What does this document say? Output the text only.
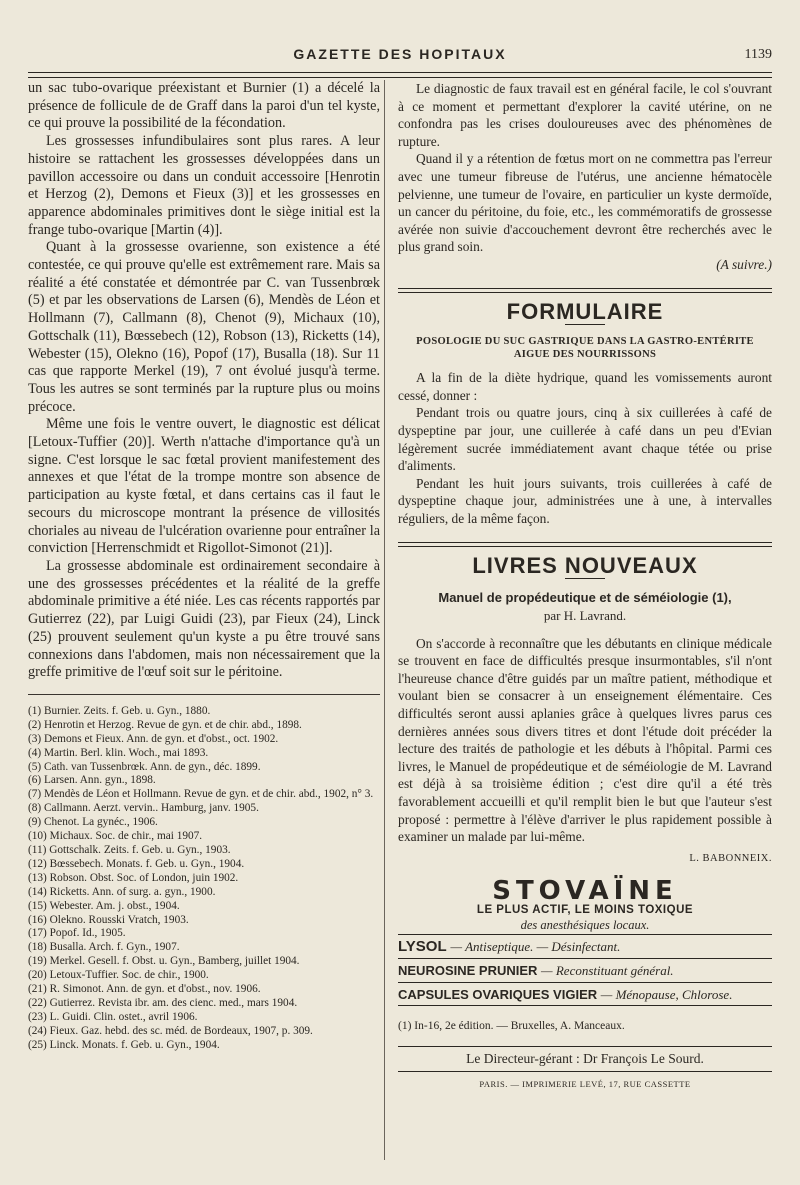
GAZETTE DES HOPITAUX	1139

un sac tubo-ovarique préexistant et Burnier (1) a décelé la présence de follicule de de Graff dans la paroi d'un tel kyste, ce qui prouve la possibilité de la fécondation.

Les grossesses infundibulaires sont plus rares. A leur histoire se rattachent les grossesses développées dans un pavillon accessoire ou dans un conduit accessoire [Henrotin et Herzog (2), Demons et Fieux (3)] et les grossesses en apparence abdominales primitives dont le siège initial est la frange tubo-ovarique [Martin (4)].

Quant à la grossesse ovarienne, son existence a été contestée, ce qui prouve qu'elle est extrêmement rare. Mais sa réalité a été constatée et démontrée par C. van Tussenbrœk (5) et par les observations de Larsen (6), Mendès de Léon et Hollmann (7), Callmann (8), Chenot (9), Michaux (10), Gottschalk (11), Bœssebech (12), Robson (13), Ricketts (14), Webester (15), Olekno (16), Popof (17), Busalla (18). Sur 11 cas que rapporte Merkel (19), 7 ont évolué jusqu'à terme. Tous les autres se sont terminés par la rupture plus ou moins précoce.

Même une fois le ventre ouvert, le diagnostic est délicat [Letoux-Tuffier (20)]. Werth n'attache d'importance qu'à un signe. C'est lorsque le sac fœtal provient manifestement des annexes et que l'état de la trompe montre son absence de participation au kyste fœtal, et dans certains cas il faut le secours du microscope montrant la présence de villosités choriales au niveau de l'ulcération ovarienne pour entraîner la conviction [Herrenschmidt et Rigollot-Simonot (21)].

La grossesse abdominale est ordinairement secondaire à une des grossesses précédentes et la réalité de la greffe abdominale primitive a été niée. Les cas récents rapportés par Gutierrez (22), par Luigi Guidi (23), par Fieux (24), Linck (25) prouvent seulement qu'un kyste a pu être trouvé sans connexions dans l'abdomen, mais non nécessairement que la greffe primitive de l'œuf soit sur le péritoine.

(1) Burnier. Zeits. f. Geb. u. Gyn., 1880.
(2) Henrotin et Herzog. Revue de gyn. et de chir. abd., 1898.
(3) Demons et Fieux. Ann. de gyn. et d'obst., oct. 1902.
(4) Martin. Berl. klin. Woch., mai 1893.
(5) Cath. van Tussenbrœk. Ann. de gyn., déc. 1899.
(6) Larsen. Ann. gyn., 1898.
(7) Mendès de Léon et Hollmann. Revue de gyn. et de chir. abd., 1902, n° 3.
(8) Callmann. Aerzt. vervin.. Hamburg, janv. 1905.
(9) Chenot. La gynéc., 1906.
(10) Michaux. Soc. de chir., mai 1907.
(11) Gottschalk. Zeits. f. Geb. u. Gyn., 1903.
(12) Bœssebech. Monats. f. Geb. u. Gyn., 1904.
(13) Robson. Obst. Soc. of London, juin 1902.
(14) Ricketts. Ann. of surg. a. gyn., 1900.
(15) Webester. Am. j. obst., 1904.
(16) Olekno. Rousski Vratch, 1903.
(17) Popof. Id., 1905.
(18) Busalla. Arch. f. Gyn., 1907.
(19) Merkel. Gesell. f. Obst. u. Gyn., Bamberg, juillet 1904.
(20) Letoux-Tuffier. Soc. de chir., 1900.
(21) R. Simonot. Ann. de gyn. et d'obst., nov. 1906.
(22) Gutierrez. Revista ibr. am. des cienc. med., mars 1904.
(23) L. Guidi. Clin. ostet., avril 1906.
(24) Fieux. Gaz. hebd. des sc. méd. de Bordeaux, 1907, p. 309.
(25) Linck. Monats. f. Geb. u. Gyn., 1904.

Le diagnostic de faux travail est en général facile, le col s'ouvrant à ce moment et permettant d'explorer la cavité utérine, on ne confondra pas les crises douloureuses avec des phénomènes de rupture.

Quand il y a rétention de fœtus mort on ne commettra pas l'erreur avec une tumeur fibreuse de l'utérus, une ancienne hématocèle pelvienne, une tumeur de l'ovaire, en particulier un kyste dermoïde, un cancer du péritoine, du foie, etc., les commémoratifs de grossesse avérée non suivie d'accouchement devront être recherchés avec le plus grand soin.

(A suivre.)
FORMULAIRE
POSOLOGIE DU SUC GASTRIQUE DANS LA GASTRO-ENTÉRITE AIGUE DES NOURRISSONS

A la fin de la diète hydrique, quand les vomissements auront cessé, donner :

Pendant trois ou quatre jours, cinq à six cuillerées à café de dyspeptine par jour, une cuillerée à café dans un peu d'Evian légèrement sucrée immédiatement avant chaque tétée ou prise d'aliments.

Pendant les huit jours suivants, trois cuillerées à café de dyspeptine chaque jour, administrées une à une, à intervalles réguliers, de la même façon.

LIVRES NOUVEAUX
Manuel de propédeutique et de séméiologie (1),
par H. Lavrand.

On s'accorde à reconnaître que les débutants en clinique médicale se trouvent en face de difficultés presque insurmontables, s'il n'ont l'heureuse chance d'être guidés par un maître patient, méthodique et voulant bien se consacrer à un enseignement élémentaire. Ces difficultés seront aussi aplanies grâce à quelques livres parus ces dernières années sous divers titres et dont l'étude doit précéder la lecture des traités de pathologie et les débuts à l'hôpital. Parmi ces livres, le Manuel de propédeutique et de séméiologie de M. Lavrand est déjà à sa troisième édition ; c'est dire qu'il a été très favorablement accueilli et qu'il remplit bien le but que l'auteur s'est proposé : permettre à l'élève d'arriver le plus rapidement possible à examiner un malade par lui-même.

L. BABONNEIX.
STOVAÏNE
LE PLUS ACTIF, LE MOINS TOXIQUE
des anesthésiques locaux.
LYSOL — Antiseptique. — Désinfectant.
NEUROSINE PRUNIER — Reconstituant général.
CAPSULES OVARIQUES VIGIER — Ménopause, Chlorose.
(1) In-16, 2e édition. — Bruxelles, A. Manceaux.
Le Directeur-gérant : Dr François Le Sourd.
PARIS. — IMPRIMERIE LEVÉ, 17, RUE CASSETTE
